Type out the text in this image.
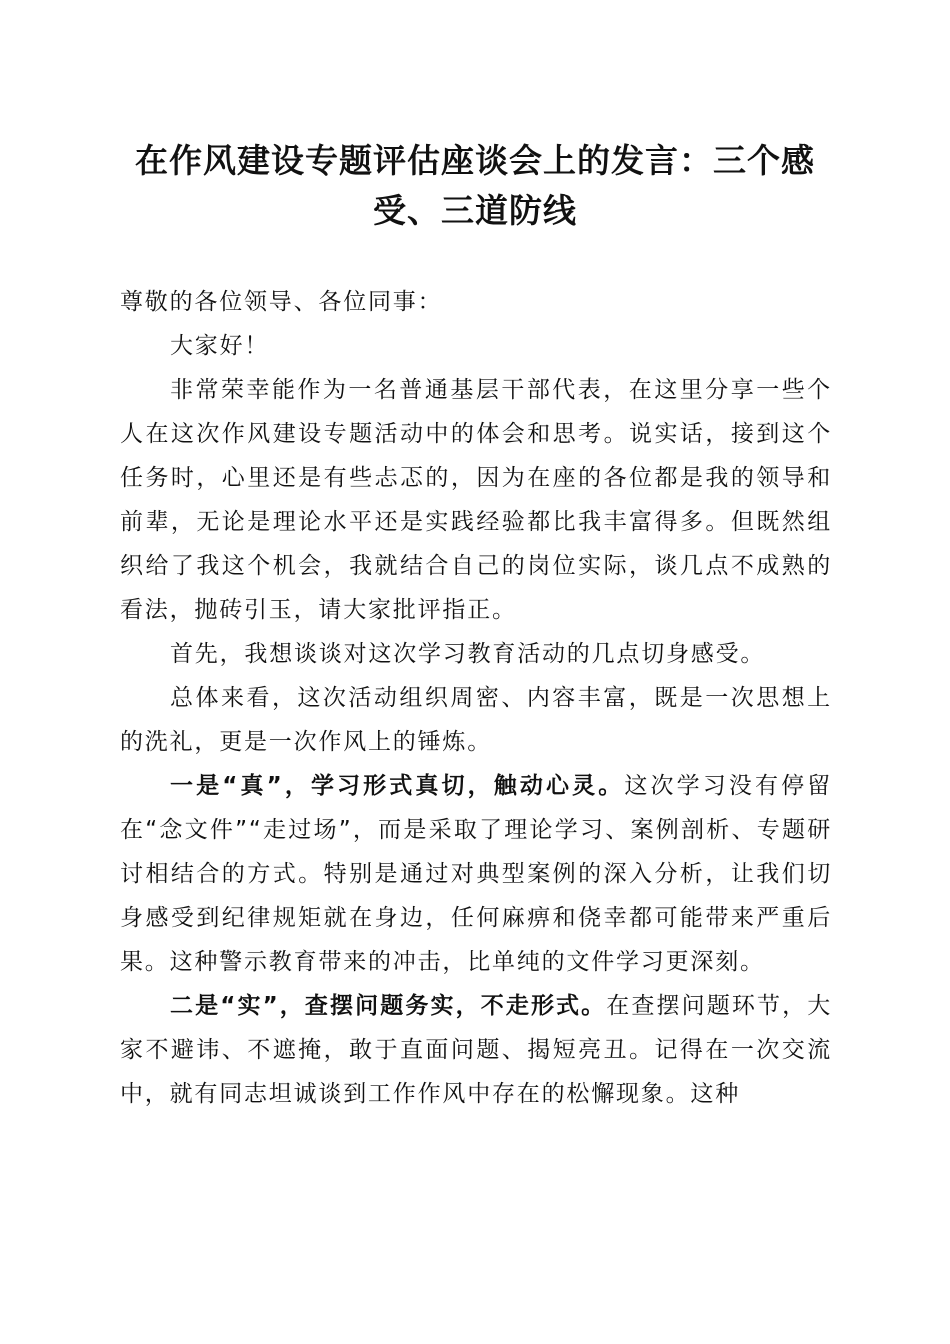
在作风建设专题评估座谈会上的发言：三个感受、三道防线

尊敬的各位领导、各位同事：

大家好！

非常荣幸能作为一名普通基层干部代表，在这里分享一些个人在这次作风建设专题活动中的体会和思考。说实话，接到这个任务时，心里还是有些忐忑的，因为在座的各位都是我的领导和前辈，无论是理论水平还是实践经验都比我丰富得多。但既然组织给了我这个机会，我就结合自己的岗位实际，谈几点不成熟的看法，抛砖引玉，请大家批评指正。

首先，我想谈谈对这次学习教育活动的几点切身感受。

总体来看，这次活动组织周密、内容丰富，既是一次思想上的洗礼，更是一次作风上的锤炼。

一是“真”，学习形式真切，触动心灵。这次学习没有停留在“念文件”“走过场”，而是采取了理论学习、案例剖析、专题研讨相结合的方式。特别是通过对典型案例的深入分析，让我们切身感受到纪律规矩就在身边，任何麻痹和侥幸都可能带来严重后果。这种警示教育带来的冲击，比单纯的文件学习更深刻。

二是“实”，查摆问题务实，不走形式。在查摆问题环节，大家不避讳、不遮掩，敢于直面问题、揭短亮丑。记得在一次交流中，就有同志坦诚谈到工作作风中存在的松懈现象。这种
